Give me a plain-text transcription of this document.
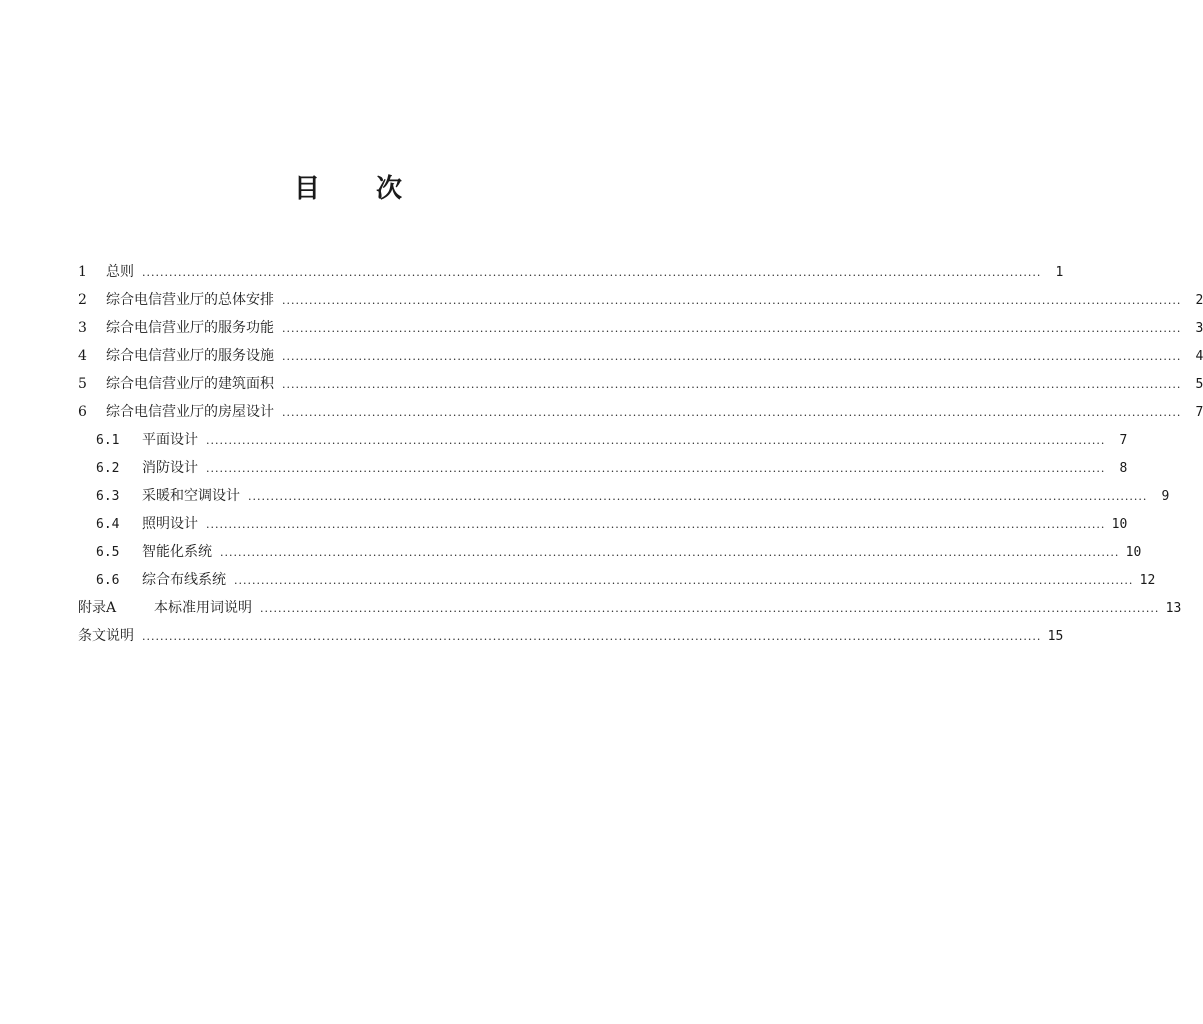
目 次
1	总则 ........................................................................................................................................................................................................	1
2	综合电信营业厅的总体安排 ........................................................................................................................................................................................................	2
3	综合电信营业厅的服务功能 ........................................................................................................................................................................................................	3
4	综合电信营业厅的服务设施 ........................................................................................................................................................................................................	4
5	综合电信营业厅的建筑面积 ........................................................................................................................................................................................................	5
6	综合电信营业厅的房屋设计 ........................................................................................................................................................................................................	7
6.1	平面设计 ........................................................................................................................................................................................................	7
6.2	消防设计 ........................................................................................................................................................................................................	8
6.3	采暖和空调设计 ........................................................................................................................................................................................................	9
6.4	照明设计 ........................................................................................................................................................................................................ 10
6.5	智能化系统 ........................................................................................................................................................................................................ 10
6.6	综合布线系统 ........................................................................................................................................................................................................ 12
附录A	本标准用词说明 ........................................................................................................................................................................................................ 13
条文说明 ........................................................................................................................................................................................................ 15
